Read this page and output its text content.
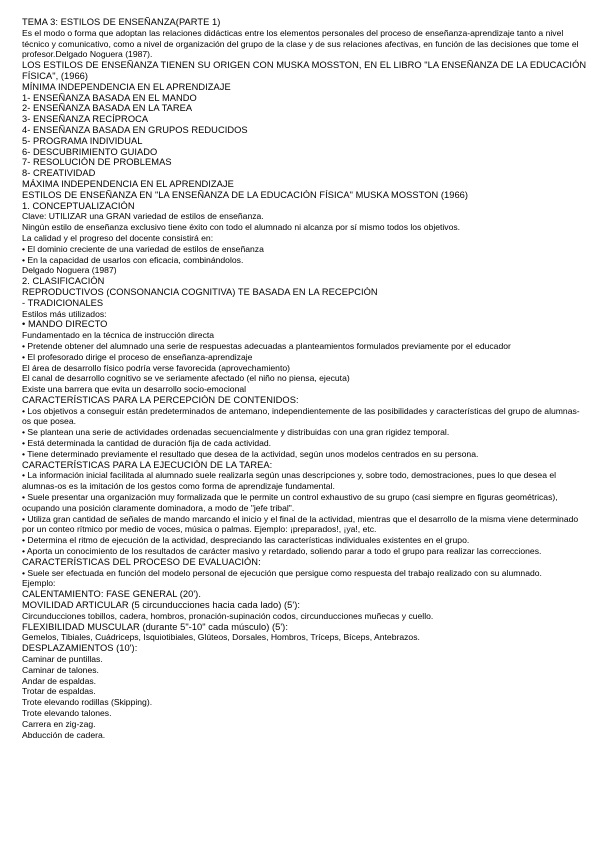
TEMA 3: ESTILOS DE ENSEÑANZA(PARTE 1)
Es el modo o forma que adoptan las relaciones didácticas entre los elementos personales del proceso de enseñanza-aprendizaje tanto a nivel técnico y comunicativo, como a nivel de organización del grupo de la clase y de sus relaciones afectivas, en función de las decisiones que tome el profesor.Delgado Noguera (1987).
LOS ESTILOS DE ENSEÑANZA TIENEN SU ORIGEN CON MUSKA MOSSTON, EN EL LIBRO "LA ENSEÑANZA DE LA EDUCACIÓN FÍSICA", (1966)
MÍNIMA INDEPENDENCIA EN EL APRENDIZAJE
1- ENSEÑANZA BASADA EN EL MANDO
2- ENSEÑANZA BASADA EN LA TAREA
3- ENSEÑANZA RECÍPROCA
4- ENSEÑANZA BASADA EN GRUPOS REDUCIDOS
5- PROGRAMA INDIVIDUAL
6- DESCUBRIMIENTO GUIADO
7- RESOLUCIÓN DE PROBLEMAS
8- CREATIVIDAD
MÁXIMA INDEPENDENCIA EN EL APRENDIZAJE
ESTILOS DE ENSEÑANZA EN "LA ENSEÑANZA DE LA EDUCACIÓN FÍSICA" MUSKA MOSSTON (1966)
1. CONCEPTUALIZACIÓN
Clave: UTILIZAR una GRAN variedad de estilos de enseñanza.
Ningún estilo de enseñanza exclusivo tiene éxito con todo el alumnado ni alcanza por sí mismo todos los objetivos.
La calidad y el progreso del docente consistirá en:
• El dominio creciente de una variedad de estilos de enseñanza
• En la capacidad de usarlos con eficacia, combinándolos.
Delgado Noguera (1987)
2. CLASIFICACIÓN
REPRODUCTIVOS (CONSONANCIA COGNITIVA) TE BASADA EN LA RECEPCIÓN
- TRADICIONALES
Estilos más utilizados:
• MANDO DIRECTO
Fundamentado en la técnica de instrucción directa
• Pretende obtener del alumnado una serie de respuestas adecuadas a planteamientos formulados previamente por el educador
• El profesorado dirige el proceso de enseñanza-aprendizaje
El área de desarrollo físico podría verse favorecida (aprovechamiento)
El canal de desarrollo cognitivo se ve seriamente afectado (el niño no piensa, ejecuta)
Existe una barrera que evita un desarrollo socio-emocional
CARACTERÍSTICAS PARA LA PERCEPCIÓN DE CONTENIDOS:
• Los objetivos a conseguir están predeterminados de antemano, independientemente de las posibilidades y características del grupo de alumnas-os que posea.
• Se plantean una serie de actividades ordenadas secuencialmente y distribuidas con una gran rigidez temporal.
• Está determinada la cantidad de duración fija de cada actividad.
• Tiene determinado previamente el resultado que desea de la actividad, según unos modelos centrados en su persona.
CARACTERÍSTICAS PARA LA EJECUCIÓN DE LA TAREA:
• La información inicial facilitada al alumnado suele realizarla según unas descripciones y, sobre todo, demostraciones, pues lo que desea el alumnas-os es la imitación de los gestos como forma de aprendizaje fundamental.
• Suele presentar una organización muy formalizada que le permite un control exhaustivo de su grupo (casi siempre en figuras geométricas), ocupando una posición claramente dominadora, a modo de "jefe tribal".
• Utiliza gran cantidad de señales de mando marcando el inicio y el final de la actividad, mientras que el desarrollo de la misma viene determinado por un conteo rítmico por medio de voces, música o palmas. Ejemplo: ¡preparados!, ¡ya!, etc.
• Determina el ritmo de ejecución de la actividad, despreciando las características individuales existentes en el grupo.
• Aporta un conocimiento de los resultados de carácter masivo y retardado, soliendo parar a todo el grupo para realizar las correcciones.
CARACTERÍSTICAS DEL PROCESO DE EVALUACIÓN:
• Suele ser efectuada en función del modelo personal de ejecución que persigue como respuesta del trabajo realizado con su alumnado.
Ejemplo:
CALENTAMIENTO: FASE GENERAL (20').
MOVILIDAD ARTICULAR (5 circunducciones hacia cada lado) (5'):
Circunducciones tobillos, cadera, hombros, pronación-supinación codos, circunducciones muñecas y cuello.
FLEXIBILIDAD MUSCULAR (durante 5"-10" cada músculo) (5'):
Gemelos, Tibiales, Cuádriceps, Isquiotibiales, Glúteos, Dorsales, Hombros, Tríceps, Bíceps, Antebrazos.
DESPLAZAMIENTOS (10'):
Caminar de puntillas.
Caminar de talones.
Andar de espaldas.
Trotar de espaldas.
Trote elevando rodillas (Skipping).
Trote elevando talones.
Carrera en zig-zag.
Abducción de cadera.
